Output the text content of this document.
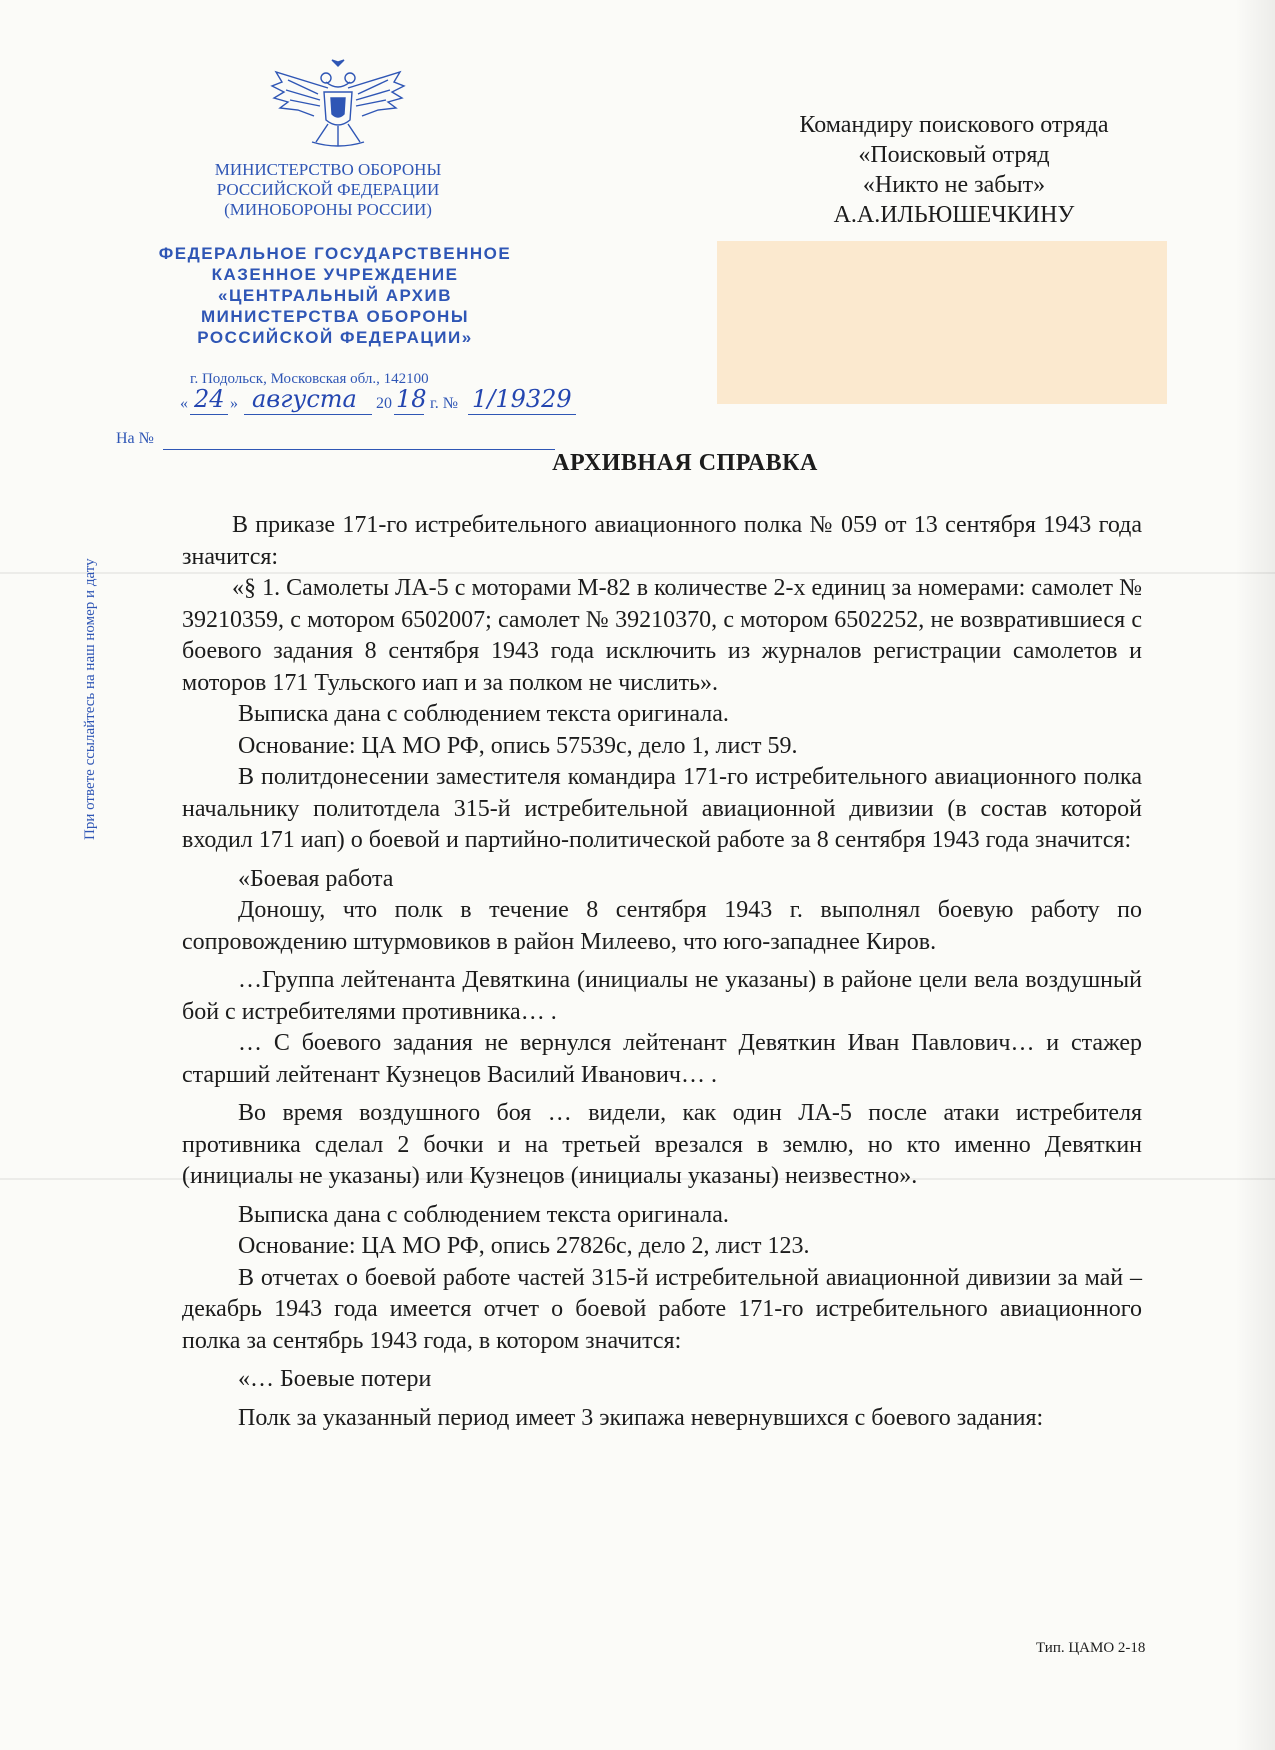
МИНИСТЕРСТВО ОБОРОНЫ
РОССИЙСКОЙ ФЕДЕРАЦИИ
(МИНОБОРОНЫ РОССИИ)
ФЕДЕРАЛЬНОЕ ГОСУДАРСТВЕННОЕ
КАЗЕННОЕ УЧРЕЖДЕНИЕ
«ЦЕНТРАЛЬНЫЙ АРХИВ
МИНИСТЕРСТВА ОБОРОНЫ
РОССИЙСКОЙ ФЕДЕРАЦИИ»
г. Подольск, Московская обл., 142100
« 24 » августа 20 18 г. № 1/19329
На №
При ответе ссылайтесь на наш номер и дату
Командиру поискового отряда
«Поисковый отряд
«Никто не забыт»
А.А.ИЛЬЮШЕЧКИНУ
АРХИВНАЯ СПРАВКА

В приказе 171-го истребительного авиационного полка № 059 от 13 сентября 1943 года значится:

«§ 1. Самолеты ЛА-5 с моторами М-82 в количестве 2-х единиц за номерами: самолет № 39210359, с мотором 6502007; самолет № 39210370, с мотором 6502252, не возвратившиеся с боевого задания 8 сентября 1943 года исключить из журналов регистрации самолетов и моторов 171 Тульского иап и за полком не числить».

Выписка дана с соблюдением текста оригинала.

Основание: ЦА МО РФ, опись 57539с, дело 1, лист 59.

В политдонесении заместителя командира 171-го истребительного авиационного полка начальнику политотдела 315-й истребительной авиационной дивизии (в состав которой входил 171 иап) о боевой и партийно-политической работе за 8 сентября 1943 года значится:

«Боевая работа

Доношу, что полк в течение 8 сентября 1943 г. выполнял боевую работу по сопровождению штурмовиков в район Милеево, что юго-западнее Киров.

…Группа лейтенанта Девяткина (инициалы не указаны) в районе цели вела воздушный бой с истребителями противника… .

… С боевого задания не вернулся лейтенант Девяткин Иван Павлович… и стажер старший лейтенант Кузнецов Василий Иванович… .

Во время воздушного боя … видели, как один ЛА-5 после атаки истребителя противника сделал 2 бочки и на третьей врезался в землю, но кто именно Девяткин (инициалы не указаны) или Кузнецов (инициалы указаны) неизвестно».

Выписка дана с соблюдением текста оригинала.

Основание: ЦА МО РФ, опись 27826с, дело 2, лист 123.

В отчетах о боевой работе частей 315-й истребительной авиационной дивизии за май – декабрь 1943 года имеется отчет о боевой работе 171-го истребительного авиационного полка за сентябрь 1943 года, в котором значится:

«… Боевые потери

Полк за указанный период имеет 3 экипажа невернувшихся с боевого задания:

Тип. ЦАМО 2-18
